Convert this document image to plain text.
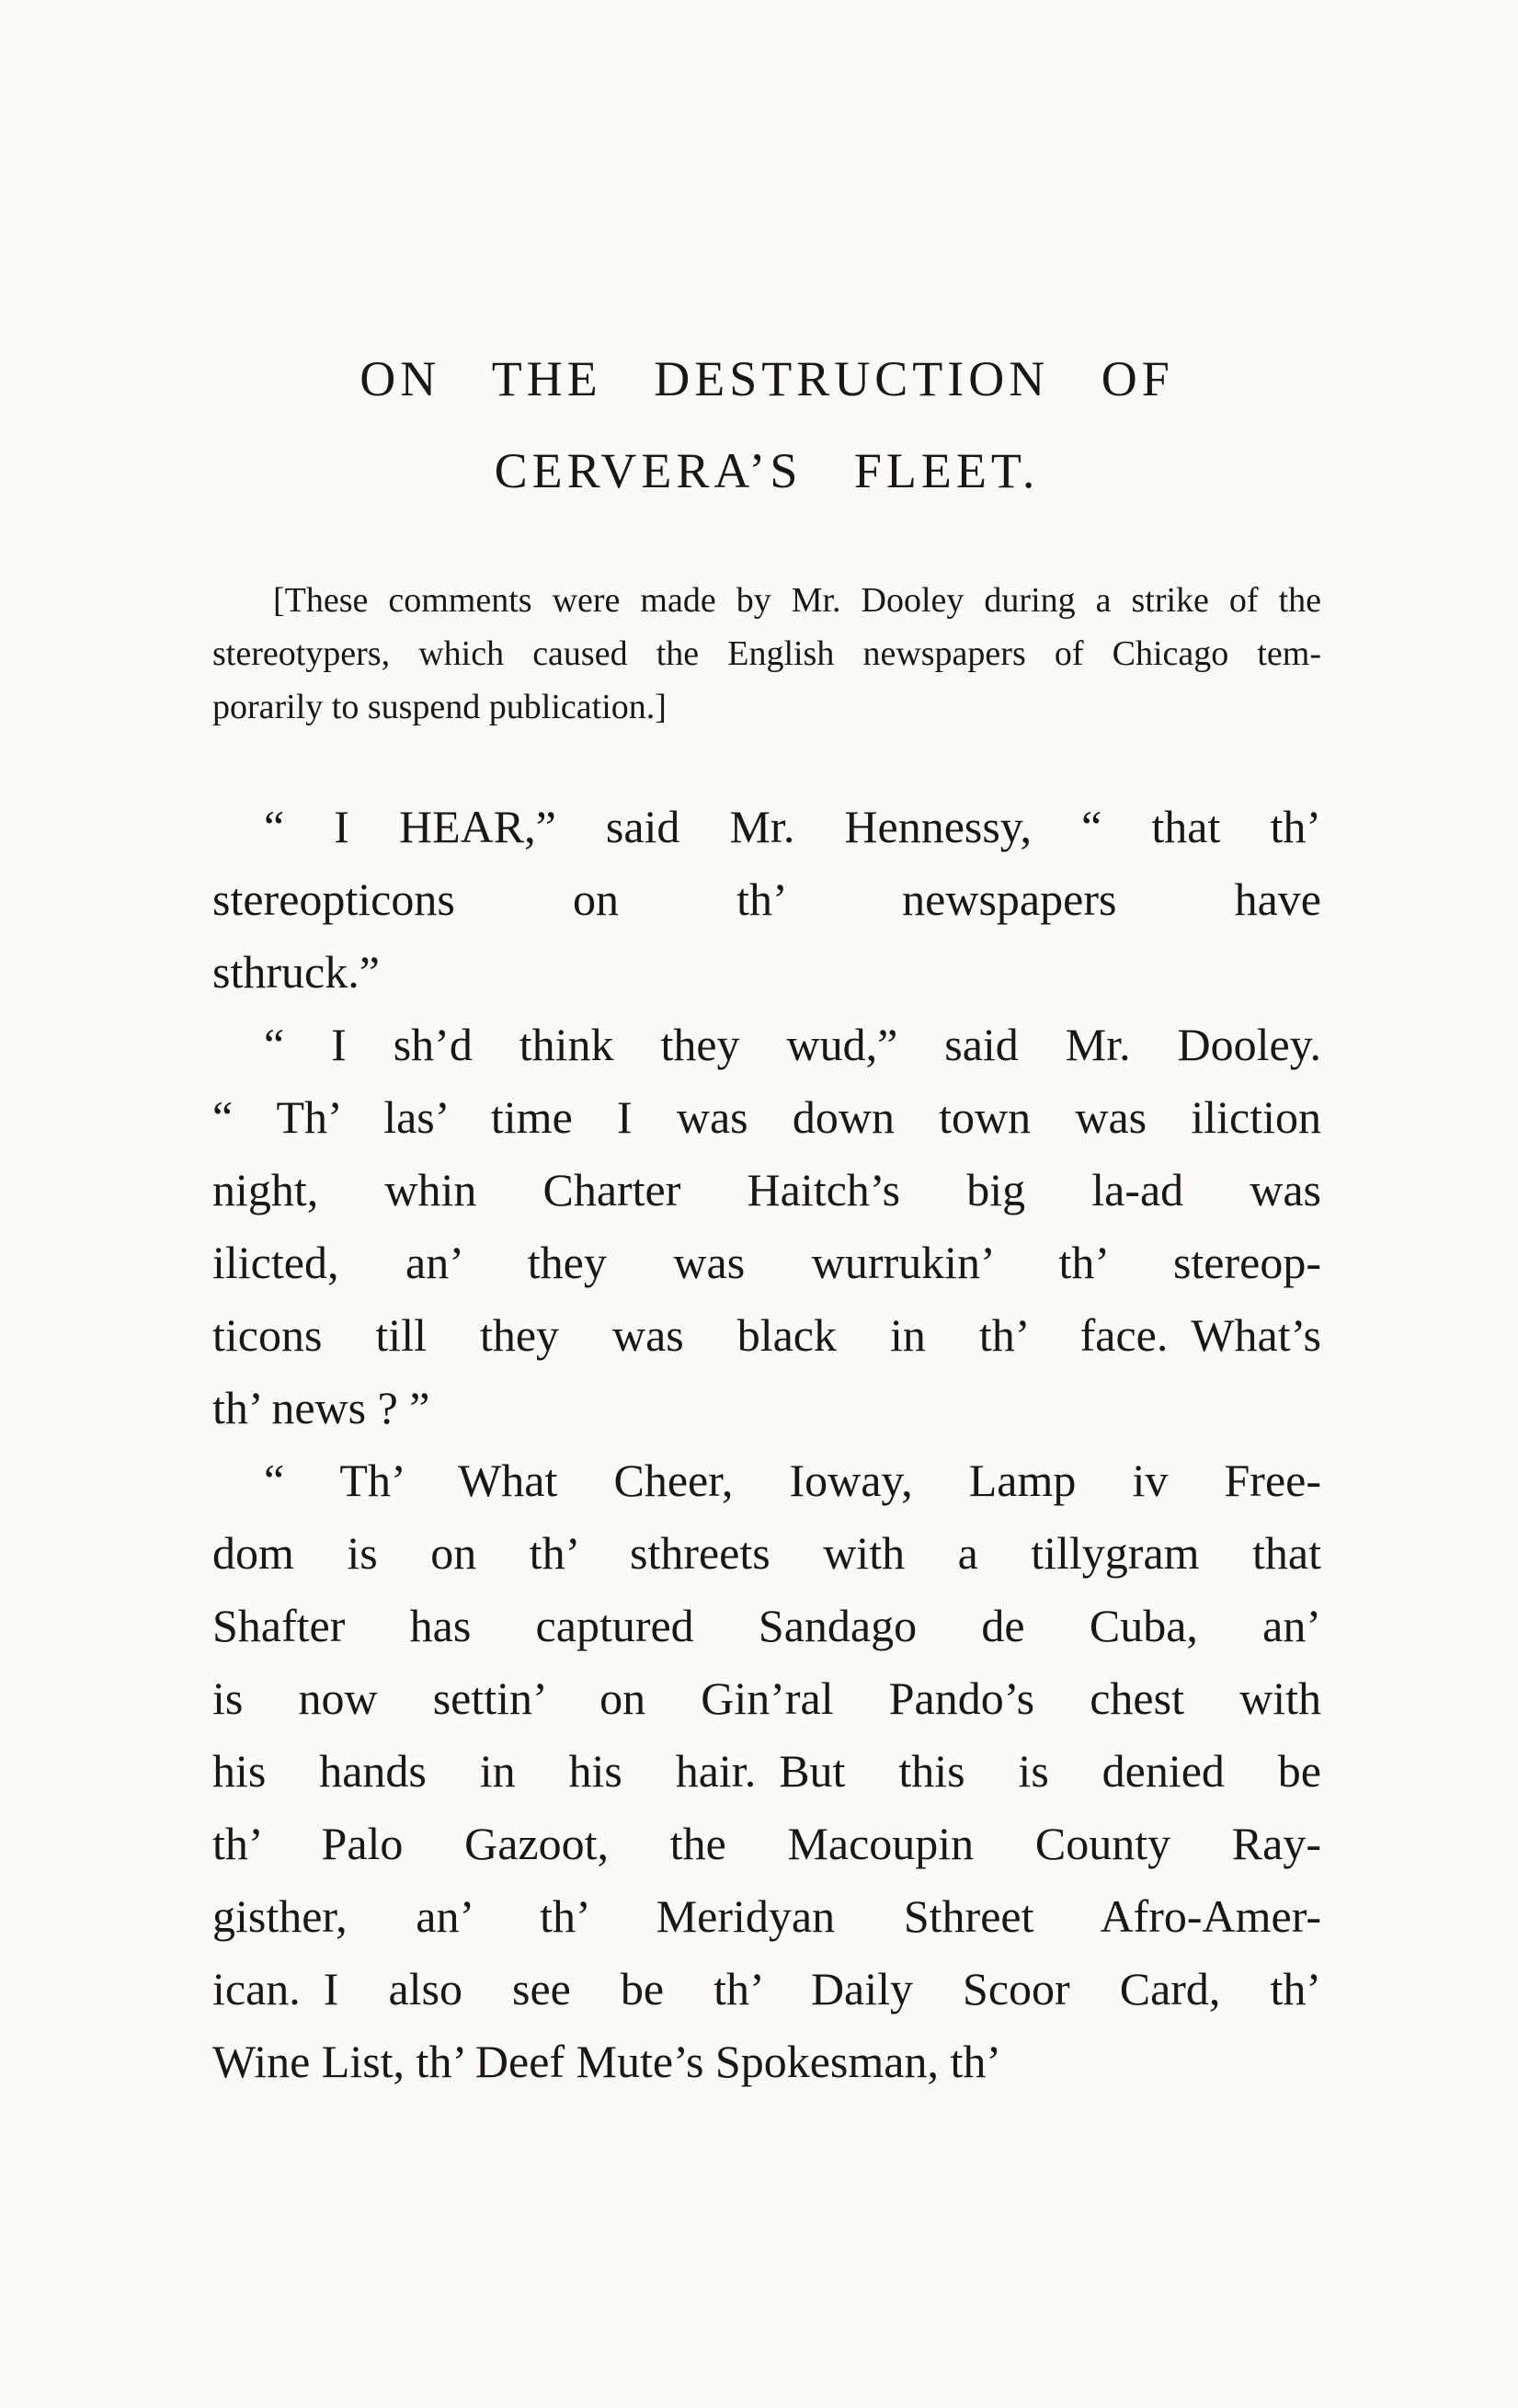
ON THE DESTRUCTION OF
CERVERA’S FLEET.
[These comments were made by Mr. Dooley during a strike of the
stereotypers, which caused the English newspapers of Chicago tem-
porarily to suspend publication.]
“ I HEAR,” said Mr. Hennessy, “ that th’
stereopticons on th’ newspapers have
sthruck.”
“ I sh’d think they wud,” said Mr. Dooley.
“ Th’ las’ time I was down town was iliction
night, whin Charter Haitch’s big la-ad was
ilicted, an’ they was wurrukin’ th’ stereop-
ticons till they was black in th’ face. What’s
th’ news ? ”
“ Th’ What Cheer, Ioway, Lamp iv Free-
dom is on th’ sthreets with a tillygram that
Shafter has captured Sandago de Cuba, an’
is now settin’ on Gin’ral Pando’s chest with
his hands in his hair. But this is denied be
th’ Palo Gazoot, the Macoupin County Ray-
gisther, an’ th’ Meridyan Sthreet Afro-Amer-
ican. I also see be th’ Daily Scoor Card, th’
Wine List, th’ Deef Mute’s Spokesman, th’
